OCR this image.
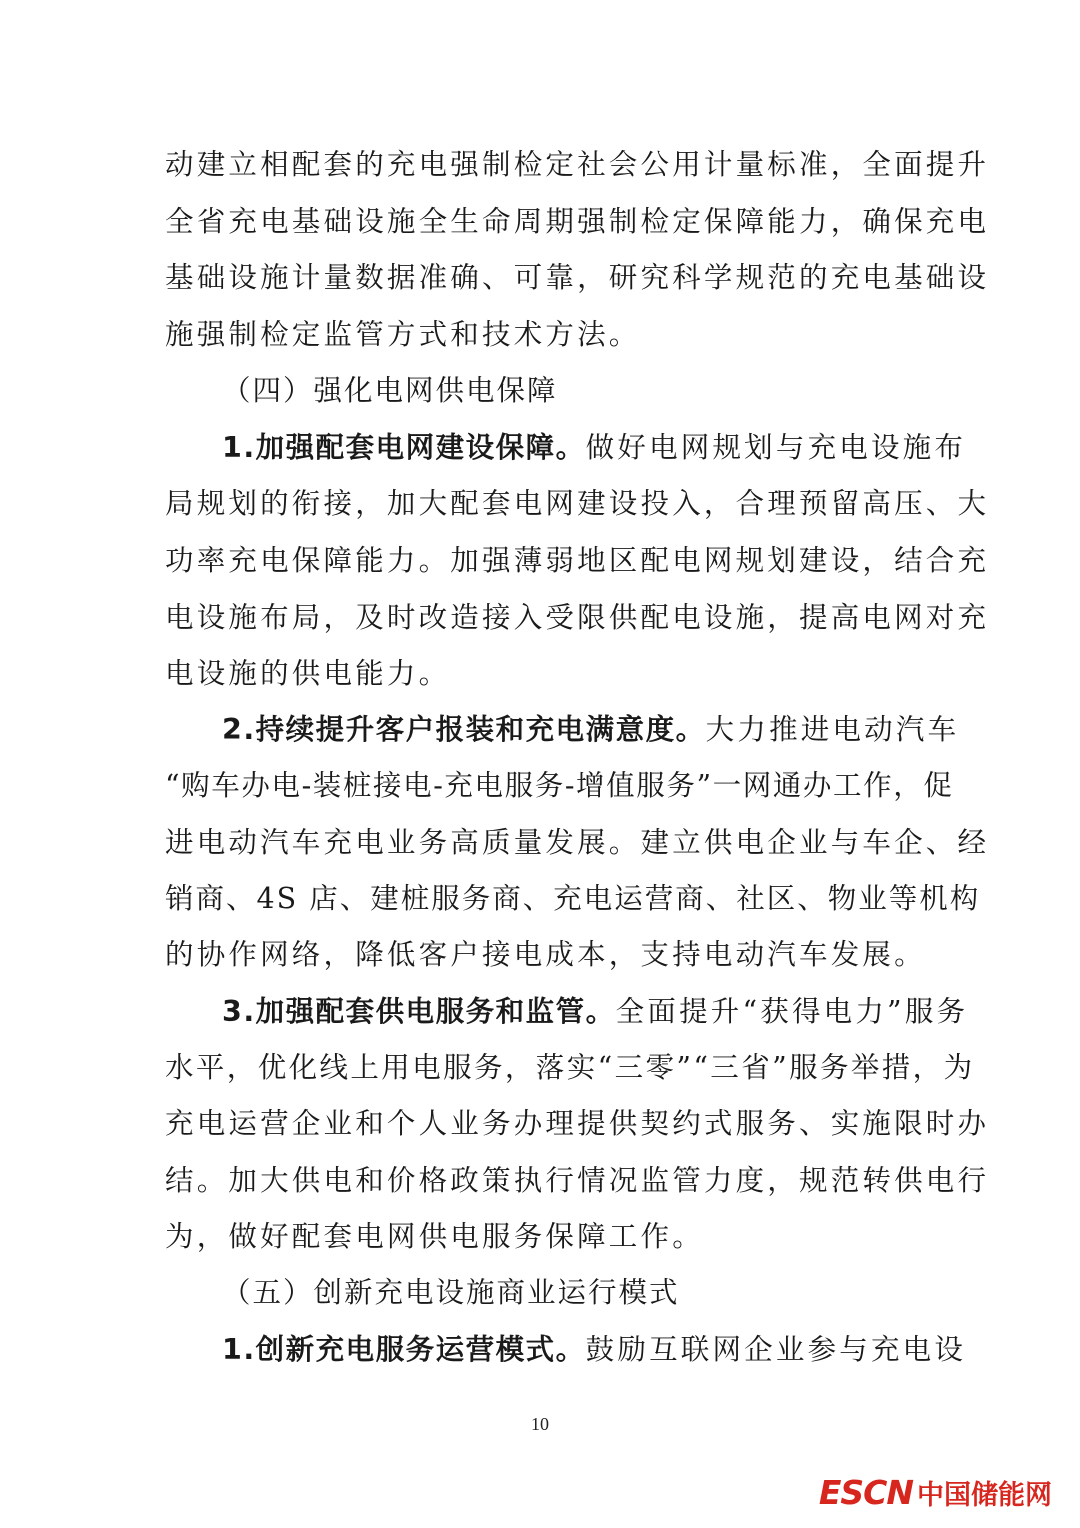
动建立相配套的充电强制检定社会公用计量标准，全面提升
全省充电基础设施全生命周期强制检定保障能力，确保充电
基础设施计量数据准确、可靠，研究科学规范的充电基础设
施强制检定监管方式和技术方法。
（四）强化电网供电保障
1.加强配套电网建设保障。做好电网规划与充电设施布
局规划的衔接，加大配套电网建设投入，合理预留高压、大
功率充电保障能力。加强薄弱地区配电网规划建设，结合充
电设施布局，及时改造接入受限供配电设施，提高电网对充
电设施的供电能力。
2.持续提升客户报装和充电满意度。大力推进电动汽车
“购车办电-装桩接电-充电服务-增值服务”一网通办工作，促
进电动汽车充电业务高质量发展。建立供电企业与车企、经
销商、4S 店、建桩服务商、充电运营商、社区、物业等机构
的协作网络，降低客户接电成本，支持电动汽车发展。
3.加强配套供电服务和监管。全面提升“获得电力”服务
水平，优化线上用电服务，落实“三零”“三省”服务举措，为
充电运营企业和个人业务办理提供契约式服务、实施限时办
结。加大供电和价格政策执行情况监管力度，规范转供电行
为，做好配套电网供电服务保障工作。
（五）创新充电设施商业运行模式
1.创新充电服务运营模式。鼓励互联网企业参与充电设
10
ESCN 中国储能网
